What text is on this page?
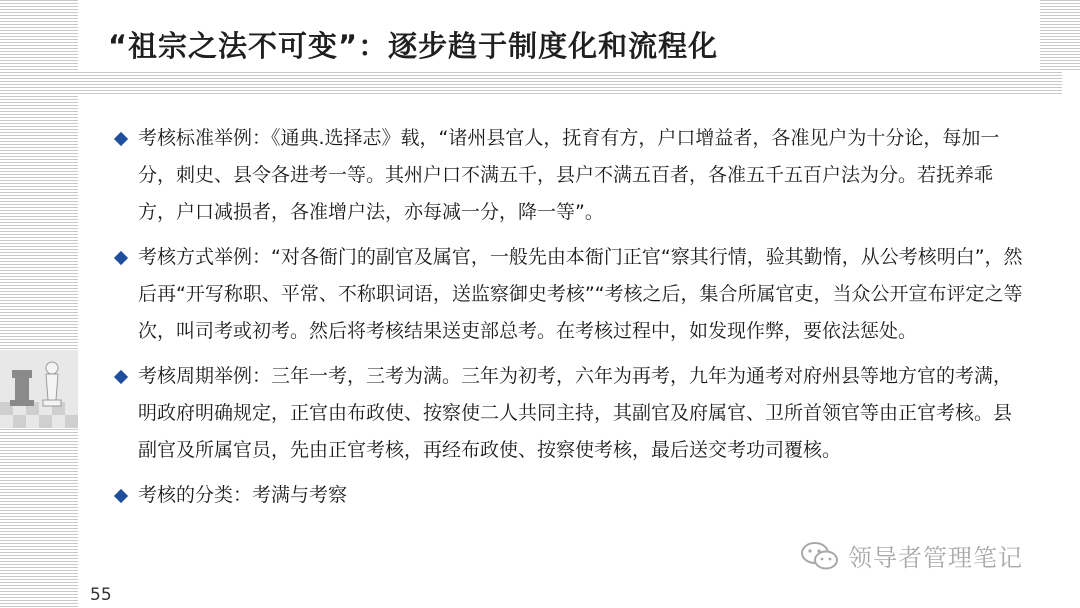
“祖宗之法不可变”：逐步趋于制度化和流程化
考核标准举例：《通典.选择志》载，“诸州县官人，抚育有方，户口增益者，各准见户为十分论，每加一分，刺史、县令各进考一等。其州户口不满五千，县户不满五百者，各准五千五百户法为分。若抚养乖方，户口减损者，各准增户法，亦每减一分，降一等”。
考核方式举例：“对各衙门的副官及属官，一般先由本衙门正官“察其行情，验其勤惰，从公考核明白”，然后再“开写称职、平常、不称职词语，送监察御史考核”“考核之后，集合所属官吏，当众公开宣布评定之等次，叫司考或初考。然后将考核结果送吏部总考。在考核过程中，如发现作弊，要依法惩处。
考核周期举例：三年一考，三考为满。三年为初考，六年为再考，九年为通考对府州县等地方官的考满，明政府明确规定，正官由布政使、按察使二人共同主持，其副官及府属官、卫所首领官等由正官考核。县副官及所属官员，先由正官考核，再经布政使、按察使考核，最后送交考功司覆核。
考核的分类：考满与考察
55
领导者管理笔记
